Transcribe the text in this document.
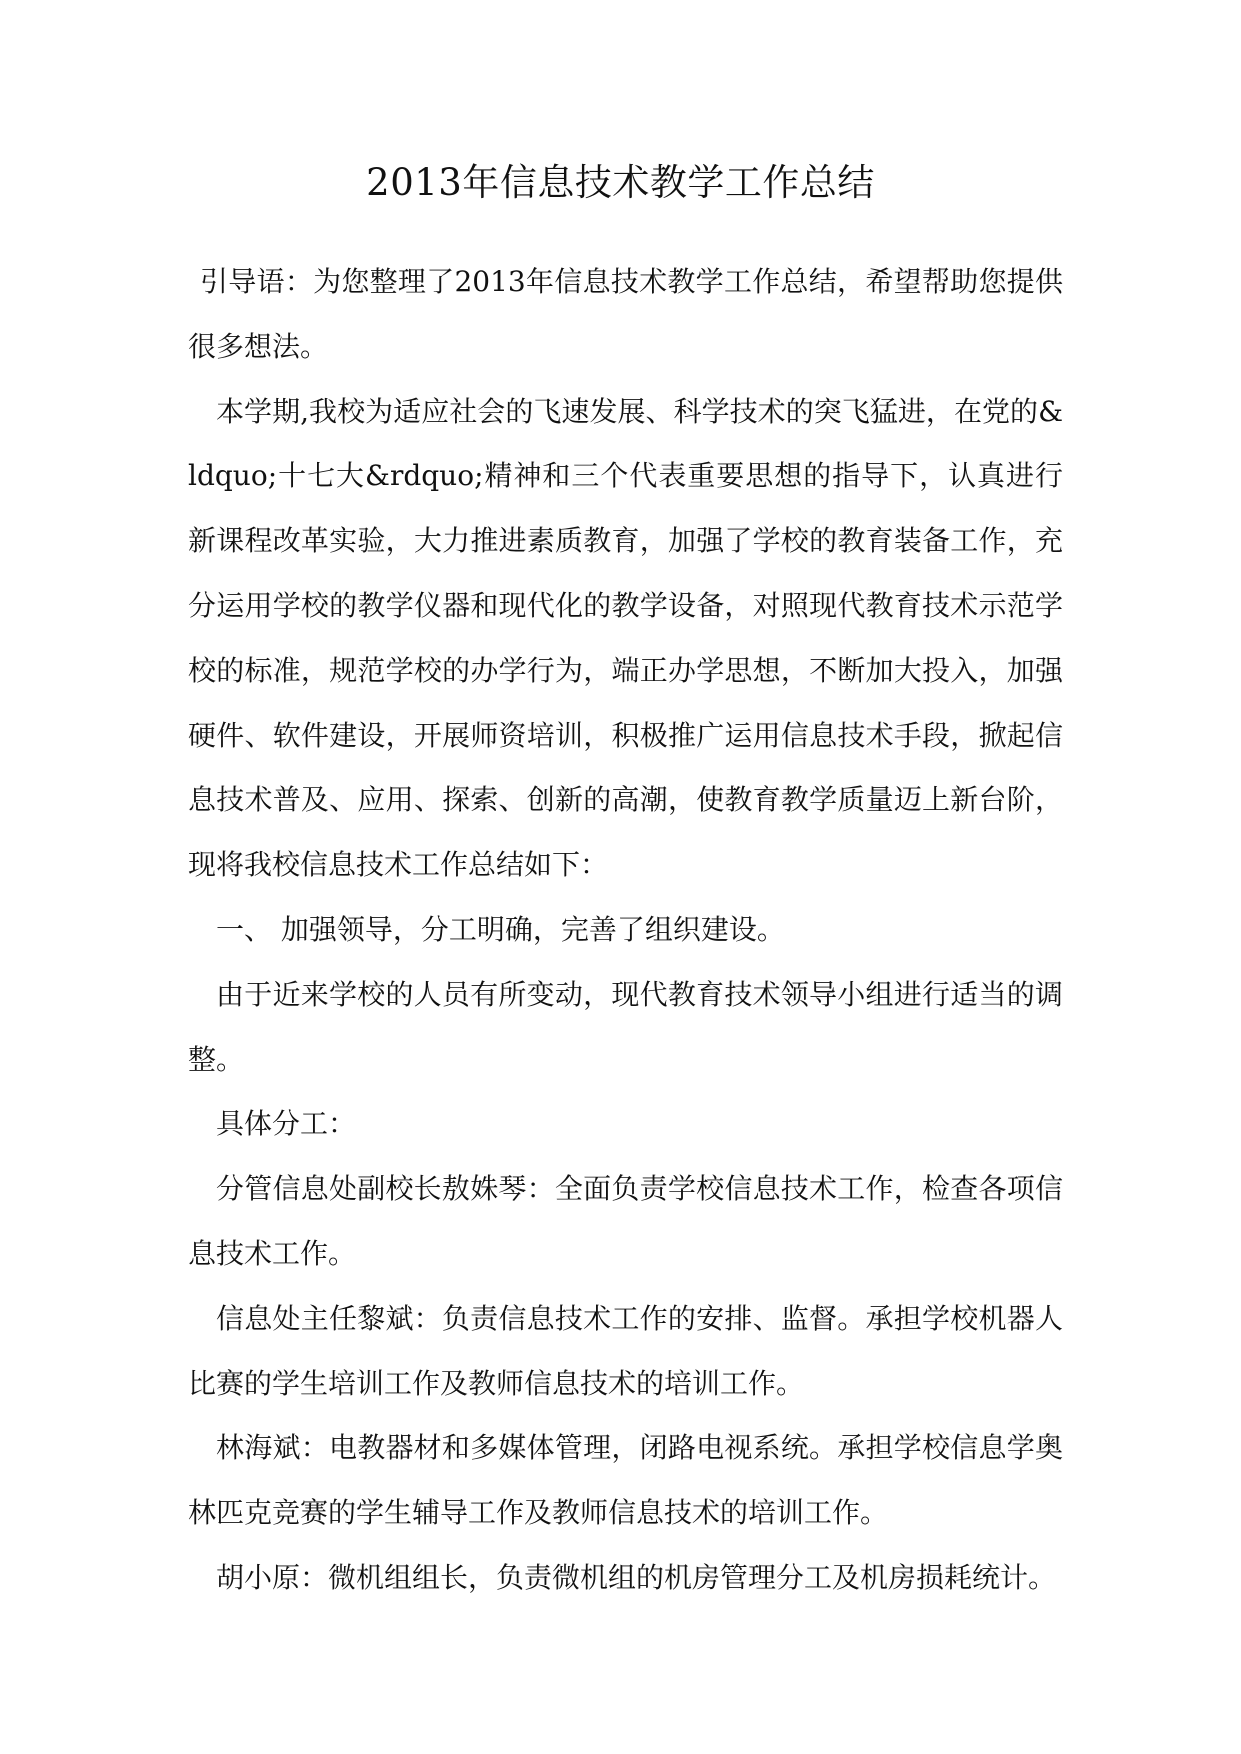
2013年信息技术教学工作总结

引导语：为您整理了2013年信息技术教学工作总结，希望帮助您提供很多想法。

本学期,我校为适应社会的飞速发展、科学技术的突飞猛进，在党的&ldquo;十七大&rdquo;精神和三个代表重要思想的指导下，认真进行新课程改革实验，大力推进素质教育，加强了学校的教育装备工作，充分运用学校的教学仪器和现代化的教学设备，对照现代教育技术示范学校的标准，规范学校的办学行为，端正办学思想，不断加大投入，加强硬件、软件建设，开展师资培训，积极推广运用信息技术手段，掀起信息技术普及、应用、探索、创新的高潮，使教育教学质量迈上新台阶，现将我校信息技术工作总结如下：

一、 加强领导，分工明确，完善了组织建设。

由于近来学校的人员有所变动，现代教育技术领导小组进行适当的调整。

具体分工：

分管信息处副校长敖姝琴：全面负责学校信息技术工作，检查各项信息技术工作。

信息处主任黎斌：负责信息技术工作的安排、监督。承担学校机器人比赛的学生培训工作及教师信息技术的培训工作。

林海斌：电教器材和多媒体管理，闭路电视系统。承担学校信息学奥林匹克竞赛的学生辅导工作及教师信息技术的培训工作。

胡小原：微机组组长，负责微机组的机房管理分工及机房损耗统计。
